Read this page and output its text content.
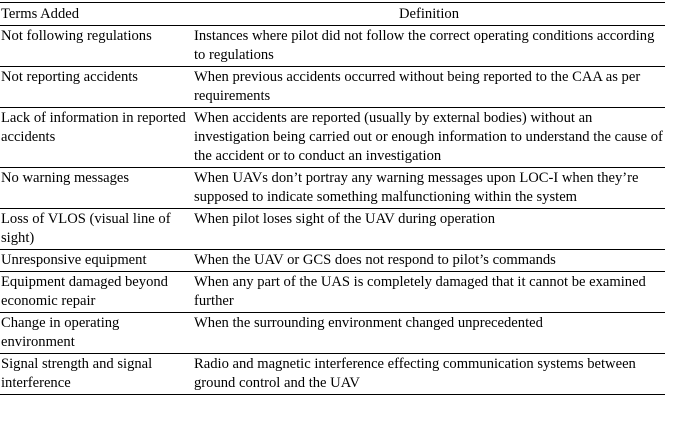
Terms Added	Definition
Not following regulations	Instances where pilot did not follow the correct operating conditions according to regulations
Not reporting accidents	When previous accidents occurred without being reported to the CAA as per requirements
Lack of information in reported accidents	When accidents are reported (usually by external bodies) without an investigation being carried out or enough information to understand the cause of the accident or to conduct an investigation
No warning messages	When UAVs don’t portray any warning messages upon LOC-I when they’re supposed to indicate something malfunctioning within the system
Loss of VLOS (visual line of sight)	When pilot loses sight of the UAV during operation
Unresponsive equipment	When the UAV or GCS does not respond to pilot’s commands
Equipment damaged beyond economic repair	When any part of the UAS is completely damaged that it cannot be examined further
Change in operating environment	When the surrounding environment changed unprecedented
Signal strength and signal interference	Radio and magnetic interference effecting communication systems between ground control and the UAV
